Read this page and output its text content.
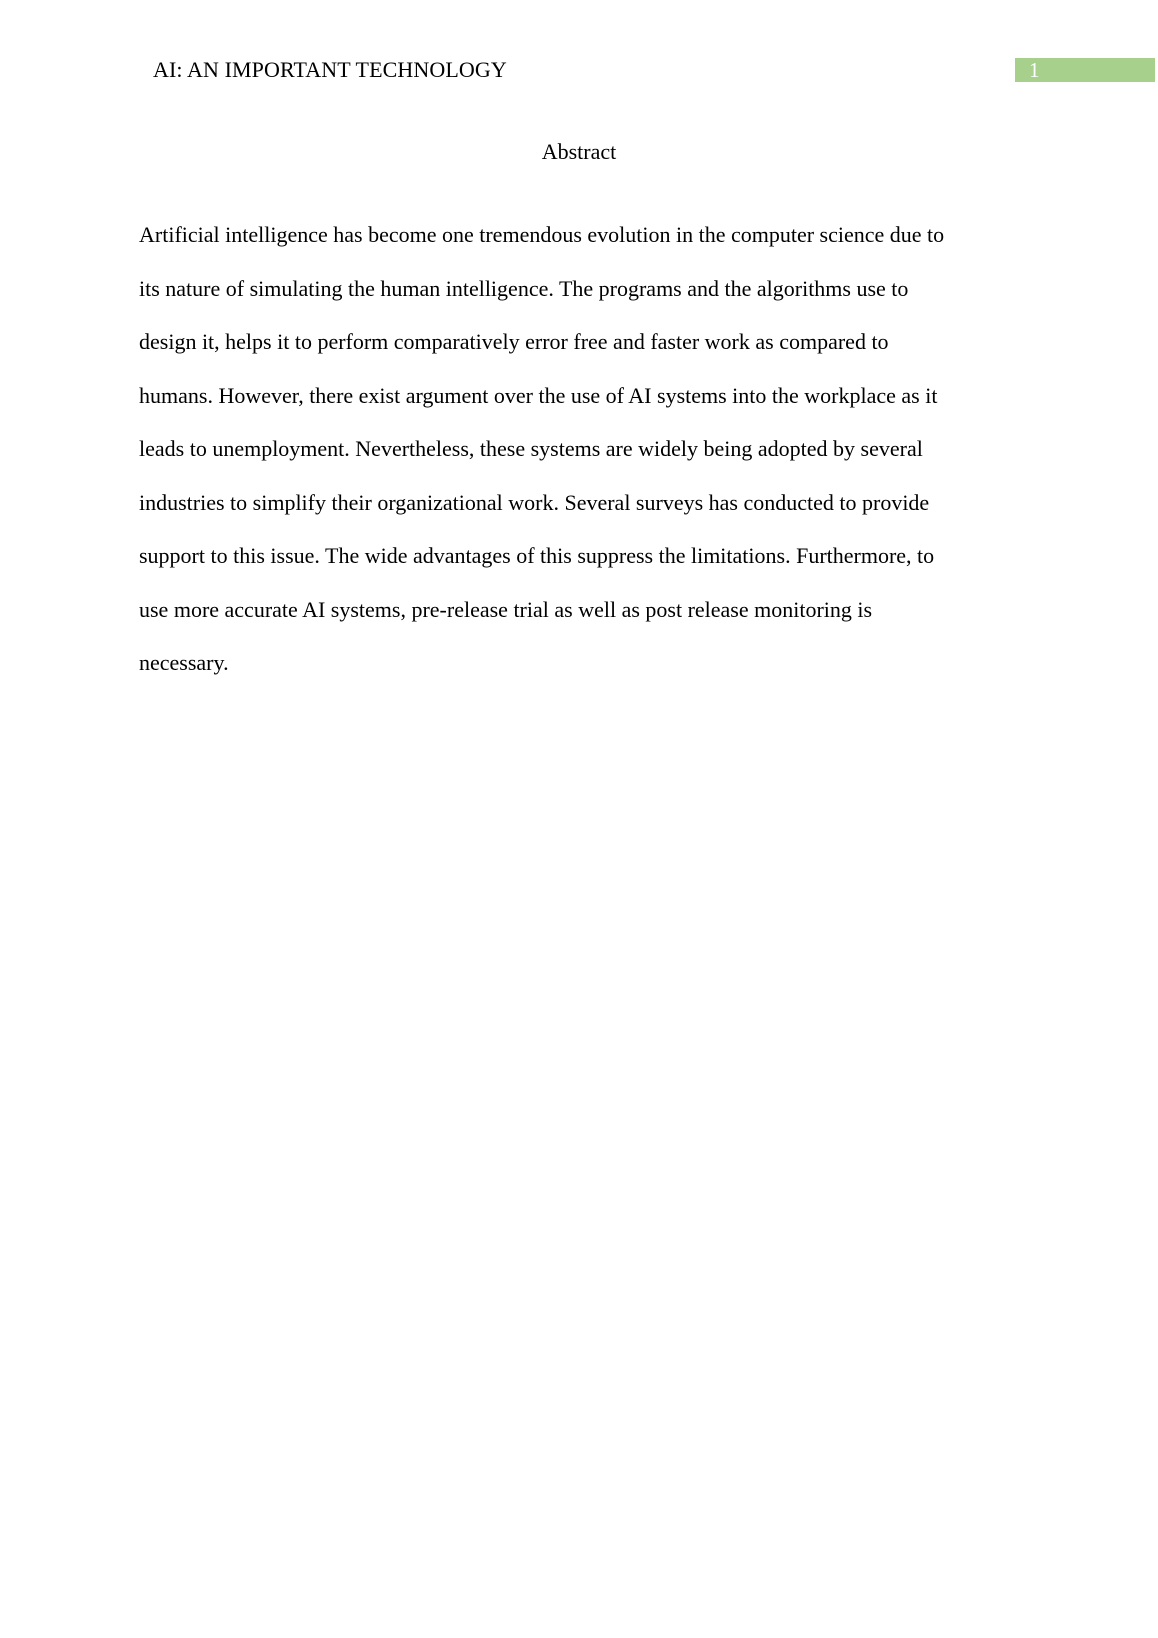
AI: AN IMPORTANT TECHNOLOGY	1
Abstract
Artificial intelligence has become one tremendous evolution in the computer science due to
its nature of simulating the human intelligence. The programs and the algorithms use to
design it, helps it to perform comparatively error free and faster work as compared to
humans. However, there exist argument over the use of AI systems into the workplace as it
leads to unemployment. Nevertheless, these systems are widely being adopted by several
industries to simplify their organizational work. Several surveys has conducted to provide
support to this issue. The wide advantages of this suppress the limitations. Furthermore, to
use more accurate AI systems, pre-release trial as well as post release monitoring is
necessary.
